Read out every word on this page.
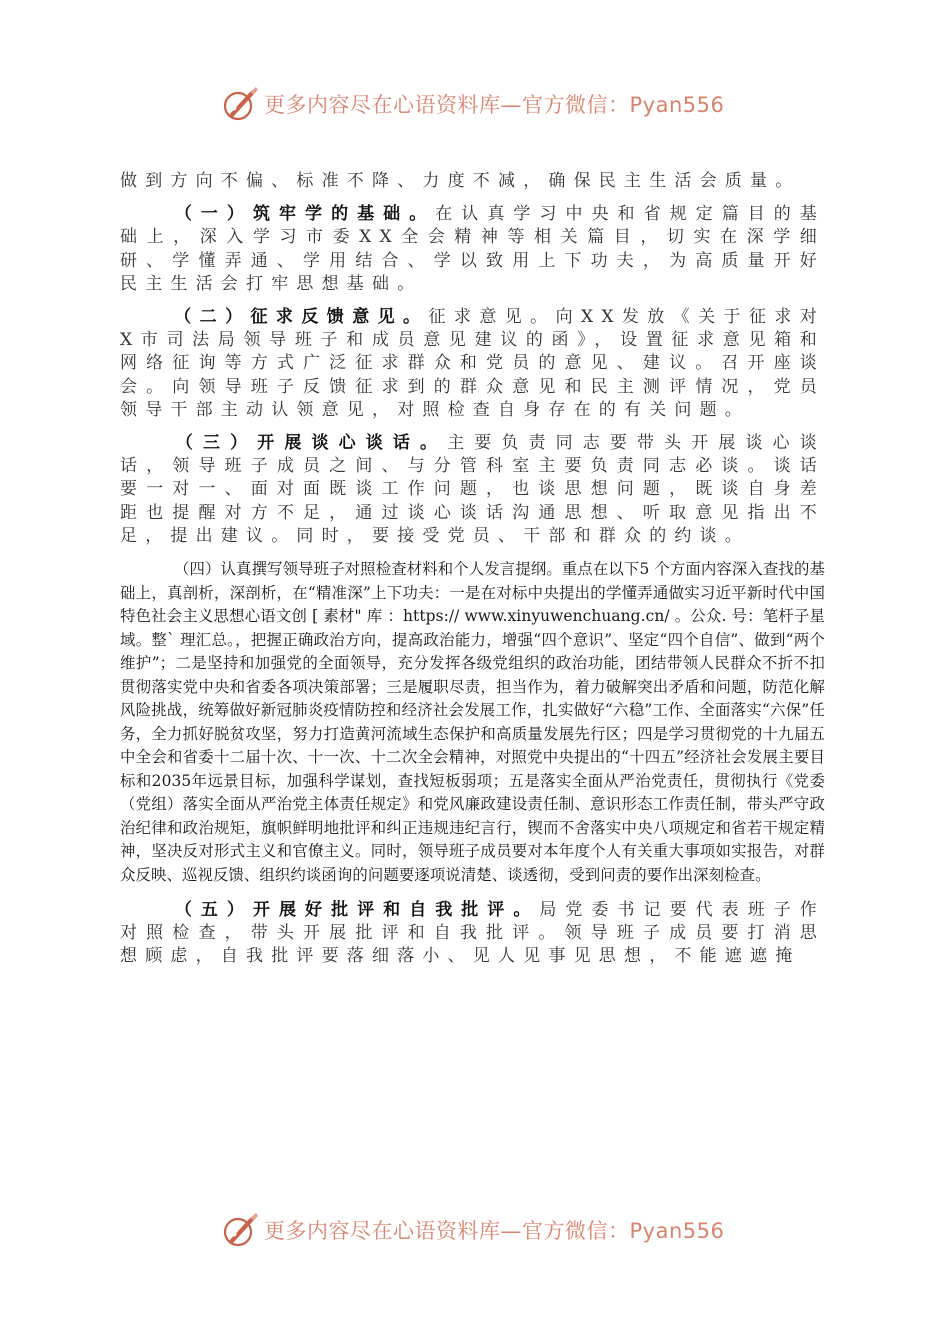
更多内容尽在心语资料库—官方微信：Pyan556

做到方向不偏、标准不降、力度不减，确保民主生活会质量。

（一）筑牢学的基础。在认真学习中央和省规定篇目的基础上，深入学习市委XX全会精神等相关篇目，切实在深学细研、学懂弄通、学用结合、学以致用上下功夫，为高质量开好民主生活会打牢思想基础。

（二）征求反馈意见。征求意见。向XX发放《关于征求对X市司法局领导班子和成员意见建议的函》，设置征求意见箱和网络征询等方式广泛征求群众和党员的意见、建议。召开座谈会。向领导班子反馈征求到的群众意见和民主测评情况，党员领导干部主动认领意见，对照检查自身存在的有关问题。

（三）开展谈心谈话。主要负责同志要带头开展谈心谈话，领导班子成员之间、与分管科室主要负责同志必谈。谈话要一对一、面对面既谈工作问题，也谈思想问题，既谈自身差距也提醒对方不足，通过谈心谈话沟通思想、听取意见指出不足，提出建议。同时，要接受党员、干部和群众的约谈。

（四）认真撰写领导班子对照检查材料和个人发言提纲。重点在以下5 个方面内容深入查找的基础上，真剖析，深剖析，在“精准深”上下功夫：一是在对标中央提出的学懂弄通做实习近平新时代中国特色社会主义思想心语文创 [ 素材" 库 ：https:// www.xinyuwenchuang.cn/ 。公众. 号：笔杆子星域。整` 理汇总。，把握正确政治方向，提高政治能力，增强“四个意识”、坚定“四个自信”、做到“两个维护”；二是坚持和加强党的全面领导，充分发挥各级党组织的政治功能，团结带领人民群众不折不扣贯彻落实党中央和省委各项决策部署；三是履职尽责，担当作为，着力破解突出矛盾和问题，防范化解风险挑战，统筹做好新冠肺炎疫情防控和经济社会发展工作，扎实做好“六稳”工作、全面落实“六保”任务，全力抓好脱贫攻坚，努力打造黄河流域生态保护和高质量发展先行区；四是学习贯彻党的十九届五中全会和省委十二届十次、十一次、十二次全会精神，对照党中央提出的“十四五”经济社会发展主要目标和2035年远景目标，加强科学谋划，查找短板弱项；五是落实全面从严治党责任，贯彻执行《党委（党组）落实全面从严治党主体责任规定》和党风廉政建设责任制、意识形态工作责任制，带头严守政治纪律和政治规矩，旗帜鲜明地批评和纠正违规违纪言行，锲而不舍落实中央八项规定和省若干规定精神，坚决反对形式主义和官僚主义。同时，领导班子成员要对本年度个人有关重大事项如实报告，对群众反映、巡视反馈、组织约谈函询的问题要逐项说清楚、谈透彻，受到问责的要作出深刻检查。

（五）开展好批评和自我批评。局党委书记要代表班子作对照检查，带头开展批评和自我批评。领导班子成员要打消思想顾虑，自我批评要落细落小、见人见事见思想，不能遮遮掩

更多内容尽在心语资料库—官方微信：Pyan556
